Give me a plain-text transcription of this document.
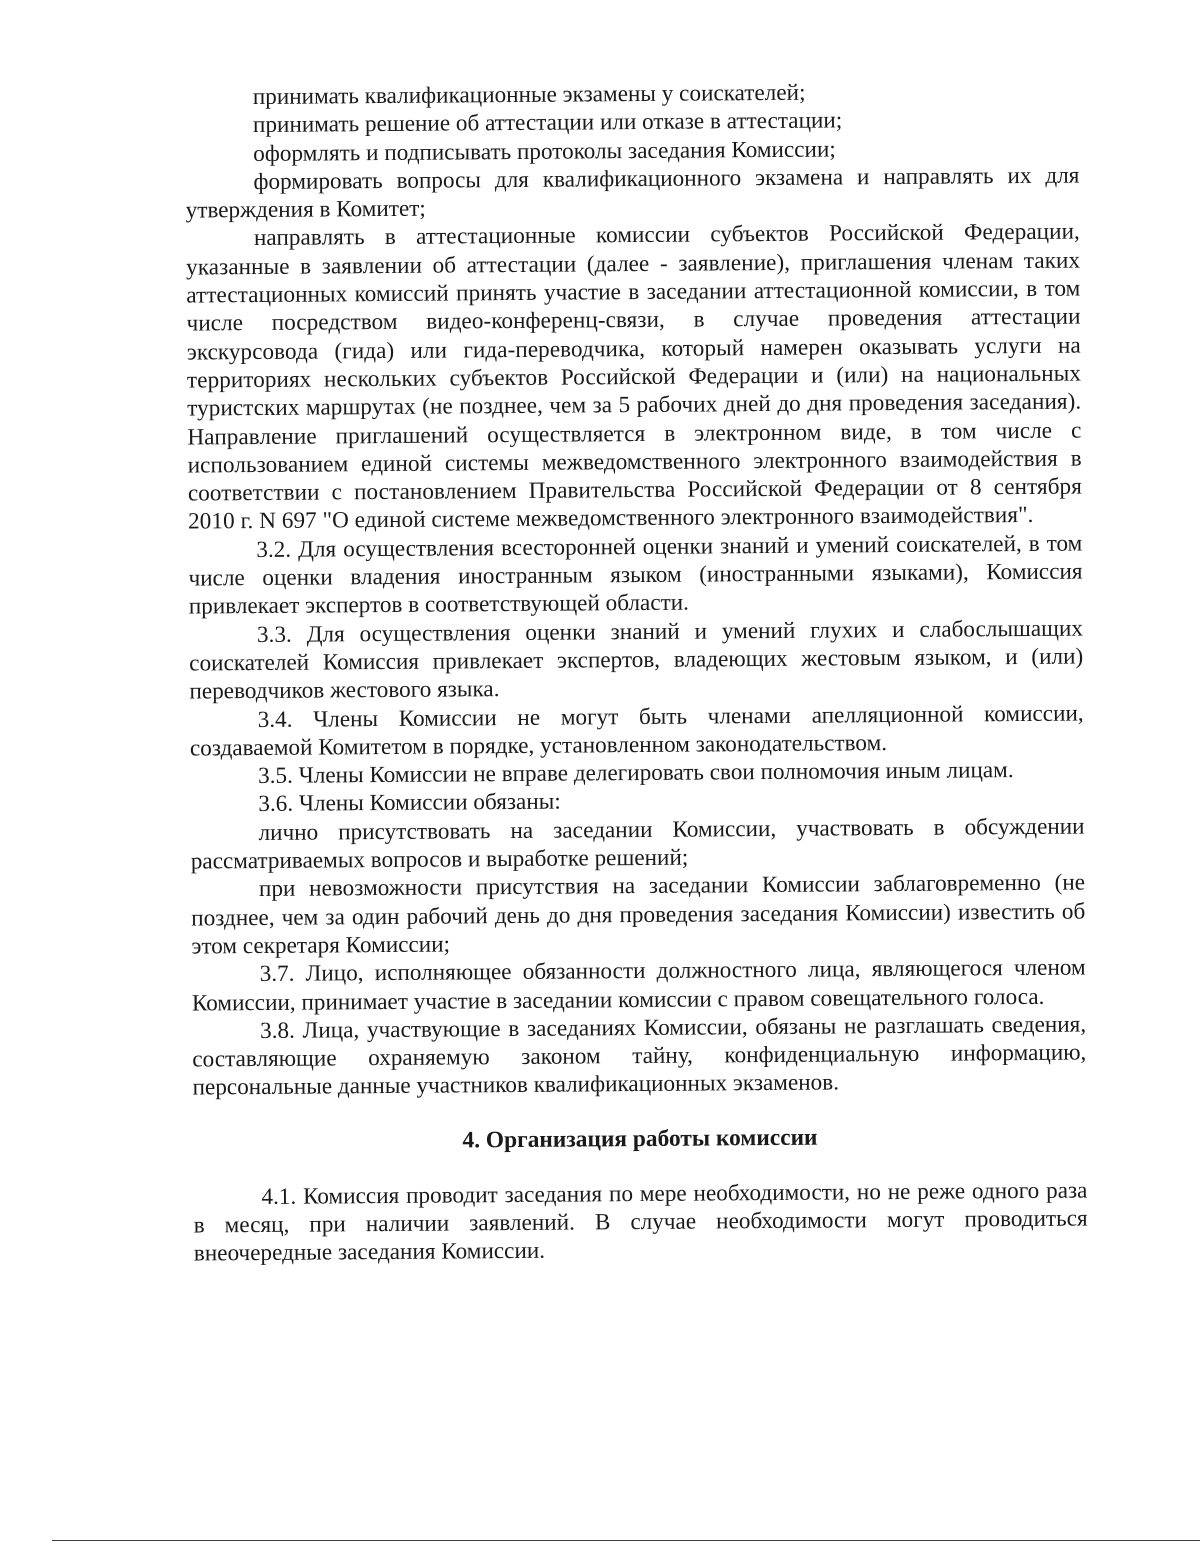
принимать квалификационные экзамены у соискателей;

принимать решение об аттестации или отказе в аттестации;

оформлять и подписывать протоколы заседания Комиссии;

формировать вопросы для квалификационного экзамена и направлять их для утверждения в Комитет;

направлять в аттестационные комиссии субъектов Российской Федерации, указанные в заявлении об аттестации (далее - заявление), приглашения членам таких аттестационных комиссий принять участие в заседании аттестационной комиссии, в том числе посредством видео-конференц-связи, в случае проведения аттестации экскурсовода (гида) или гида-переводчика, который намерен оказывать услуги на территориях нескольких субъектов Российской Федерации и (или) на национальных туристских маршрутах (не позднее, чем за 5 рабочих дней до дня проведения заседания). Направление приглашений осуществляется в электронном виде, в том числе с использованием единой системы межведомственного электронного взаимодействия в соответствии с постановлением Правительства Российской Федерации от 8 сентября 2010 г. N 697 "О единой системе межведомственного электронного взаимодействия".

3.2. Для осуществления всесторонней оценки знаний и умений соискателей, в том числе оценки владения иностранным языком (иностранными языками), Комиссия привлекает экспертов в соответствующей области.

3.3. Для осуществления оценки знаний и умений глухих и слабослышащих соискателей Комиссия привлекает экспертов, владеющих жестовым языком, и (или) переводчиков жестового языка.

3.4. Члены Комиссии не могут быть членами апелляционной комиссии, создаваемой Комитетом в порядке, установленном законодательством.

3.5. Члены Комиссии не вправе делегировать свои полномочия иным лицам.

3.6. Члены Комиссии обязаны:

лично присутствовать на заседании Комиссии, участвовать в обсуждении рассматриваемых вопросов и выработке решений;

при невозможности присутствия на заседании Комиссии заблаговременно (не позднее, чем за один рабочий день до дня проведения заседания Комиссии) известить об этом секретаря Комиссии;

3.7. Лицо, исполняющее обязанности должностного лица, являющегося членом Комиссии, принимает участие в заседании комиссии с правом совещательного голоса.

3.8. Лица, участвующие в заседаниях Комиссии, обязаны не разглашать сведения, составляющие охраняемую законом тайну, конфиденциальную информацию, персональные данные участников квалификационных экзаменов.

4. Организация работы комиссии

4.1. Комиссия проводит заседания по мере необходимости, но не реже одного раза в месяц, при наличии заявлений. В случае необходимости могут проводиться внеочередные заседания Комиссии.
